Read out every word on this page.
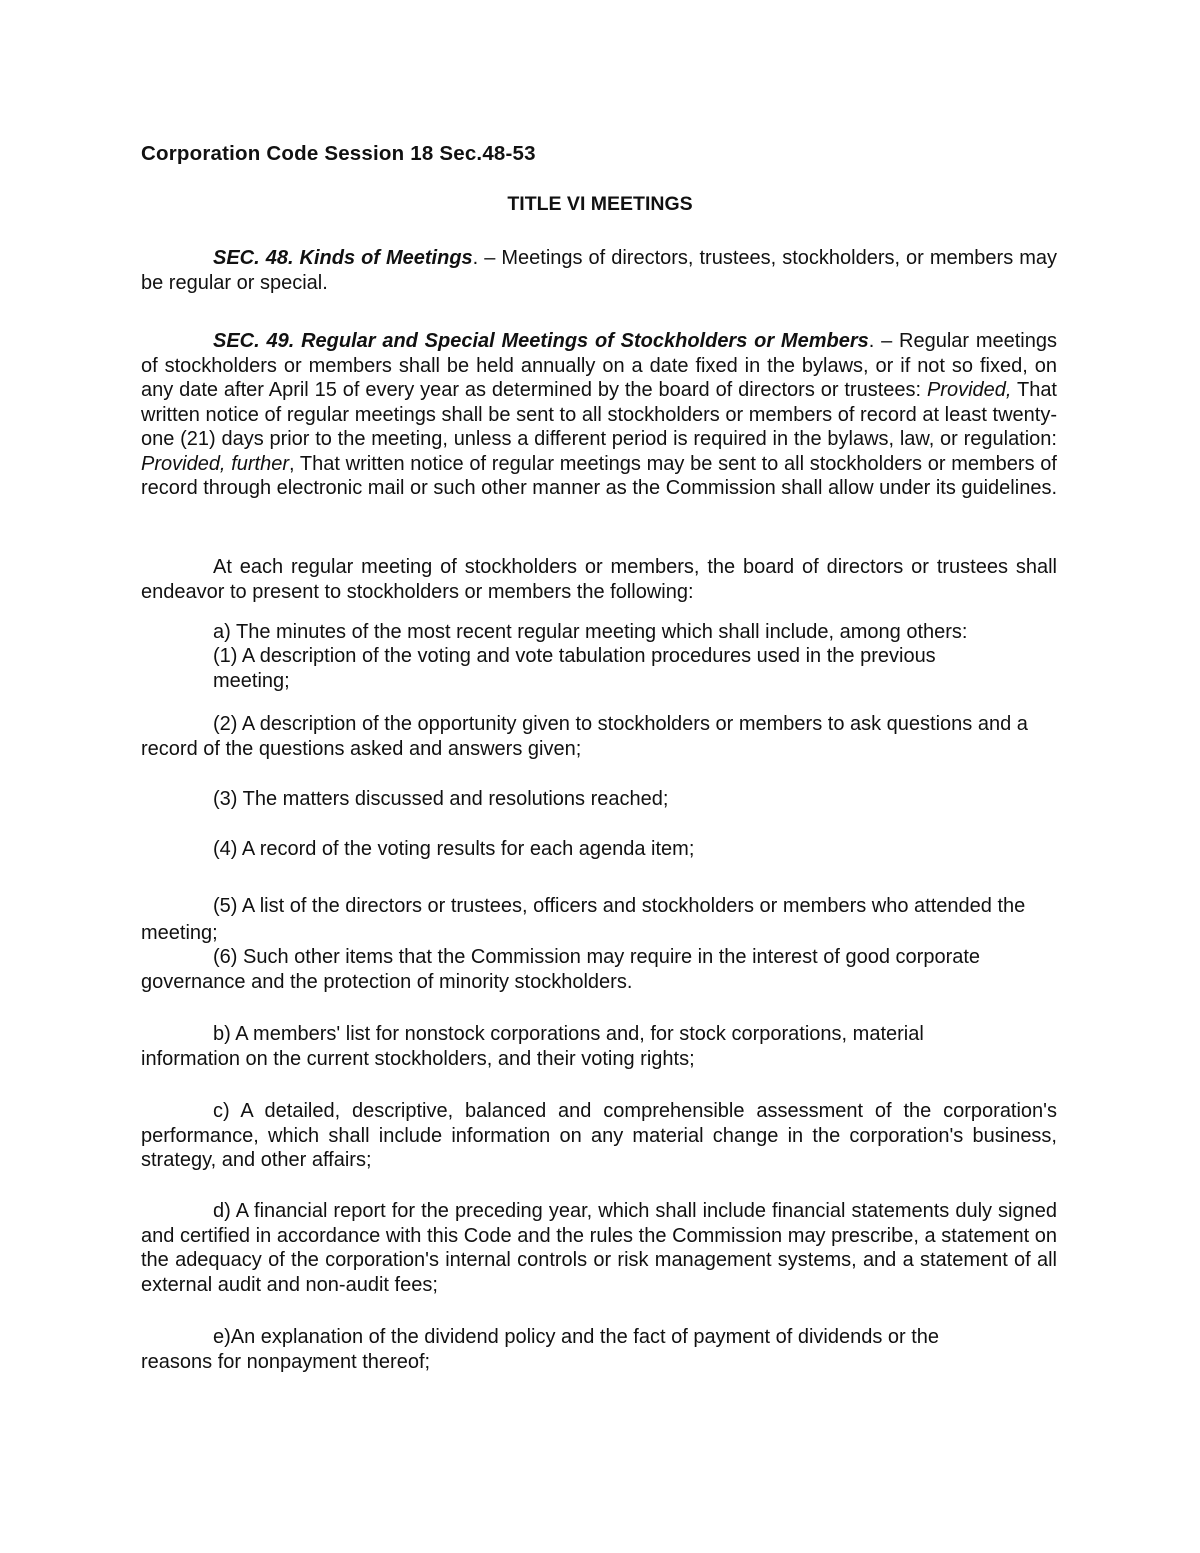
Corporation Code Session 18 Sec.48-53

TITLE VI MEETINGS

SEC. 48. Kinds of Meetings. – Meetings of directors, trustees, stockholders, or members may be regular or special.

SEC. 49. Regular and Special Meetings of Stockholders or Members. – Regular meetings of stockholders or members shall be held annually on a date fixed in the bylaws, or if not so fixed, on any date after April 15 of every year as determined by the board of directors or trustees: Provided, That written notice of regular meetings shall be sent to all stockholders or members of record at least twenty-one (21) days prior to the meeting, unless a different period is required in the bylaws, law, or regulation: Provided, further, That written notice of regular meetings may be sent to all stockholders or members of record through electronic mail or such other manner as the Commission shall allow under its guidelines.

At each regular meeting of stockholders or members, the board of directors or trustees shall endeavor to present to stockholders or members the following:

a) The minutes of the most recent regular meeting which shall include, among others:

(1) A description of the voting and vote tabulation procedures used in the previous meeting;

(2) A description of the opportunity given to stockholders or members to ask questions and a record of the questions asked and answers given;

(3) The matters discussed and resolutions reached;

(4) A record of the voting results for each agenda item;

(5) A list of the directors or trustees, officers and stockholders or members who attended the meeting;

(6) Such other items that the Commission may require in the interest of good corporate governance and the protection of minority stockholders.

b) A members' list for nonstock corporations and, for stock corporations, material information on the current stockholders, and their voting rights;

c) A detailed, descriptive, balanced and comprehensible assessment of the corporation's performance, which shall include information on any material change in the corporation's business, strategy, and other affairs;

d) A financial report for the preceding year, which shall include financial statements duly signed and certified in accordance with this Code and the rules the Commission may prescribe, a statement on the adequacy of the corporation's internal controls or risk management systems, and a statement of all external audit and non-audit fees;

e)An explanation of the dividend policy and the fact of payment of dividends or the reasons for nonpayment thereof;
